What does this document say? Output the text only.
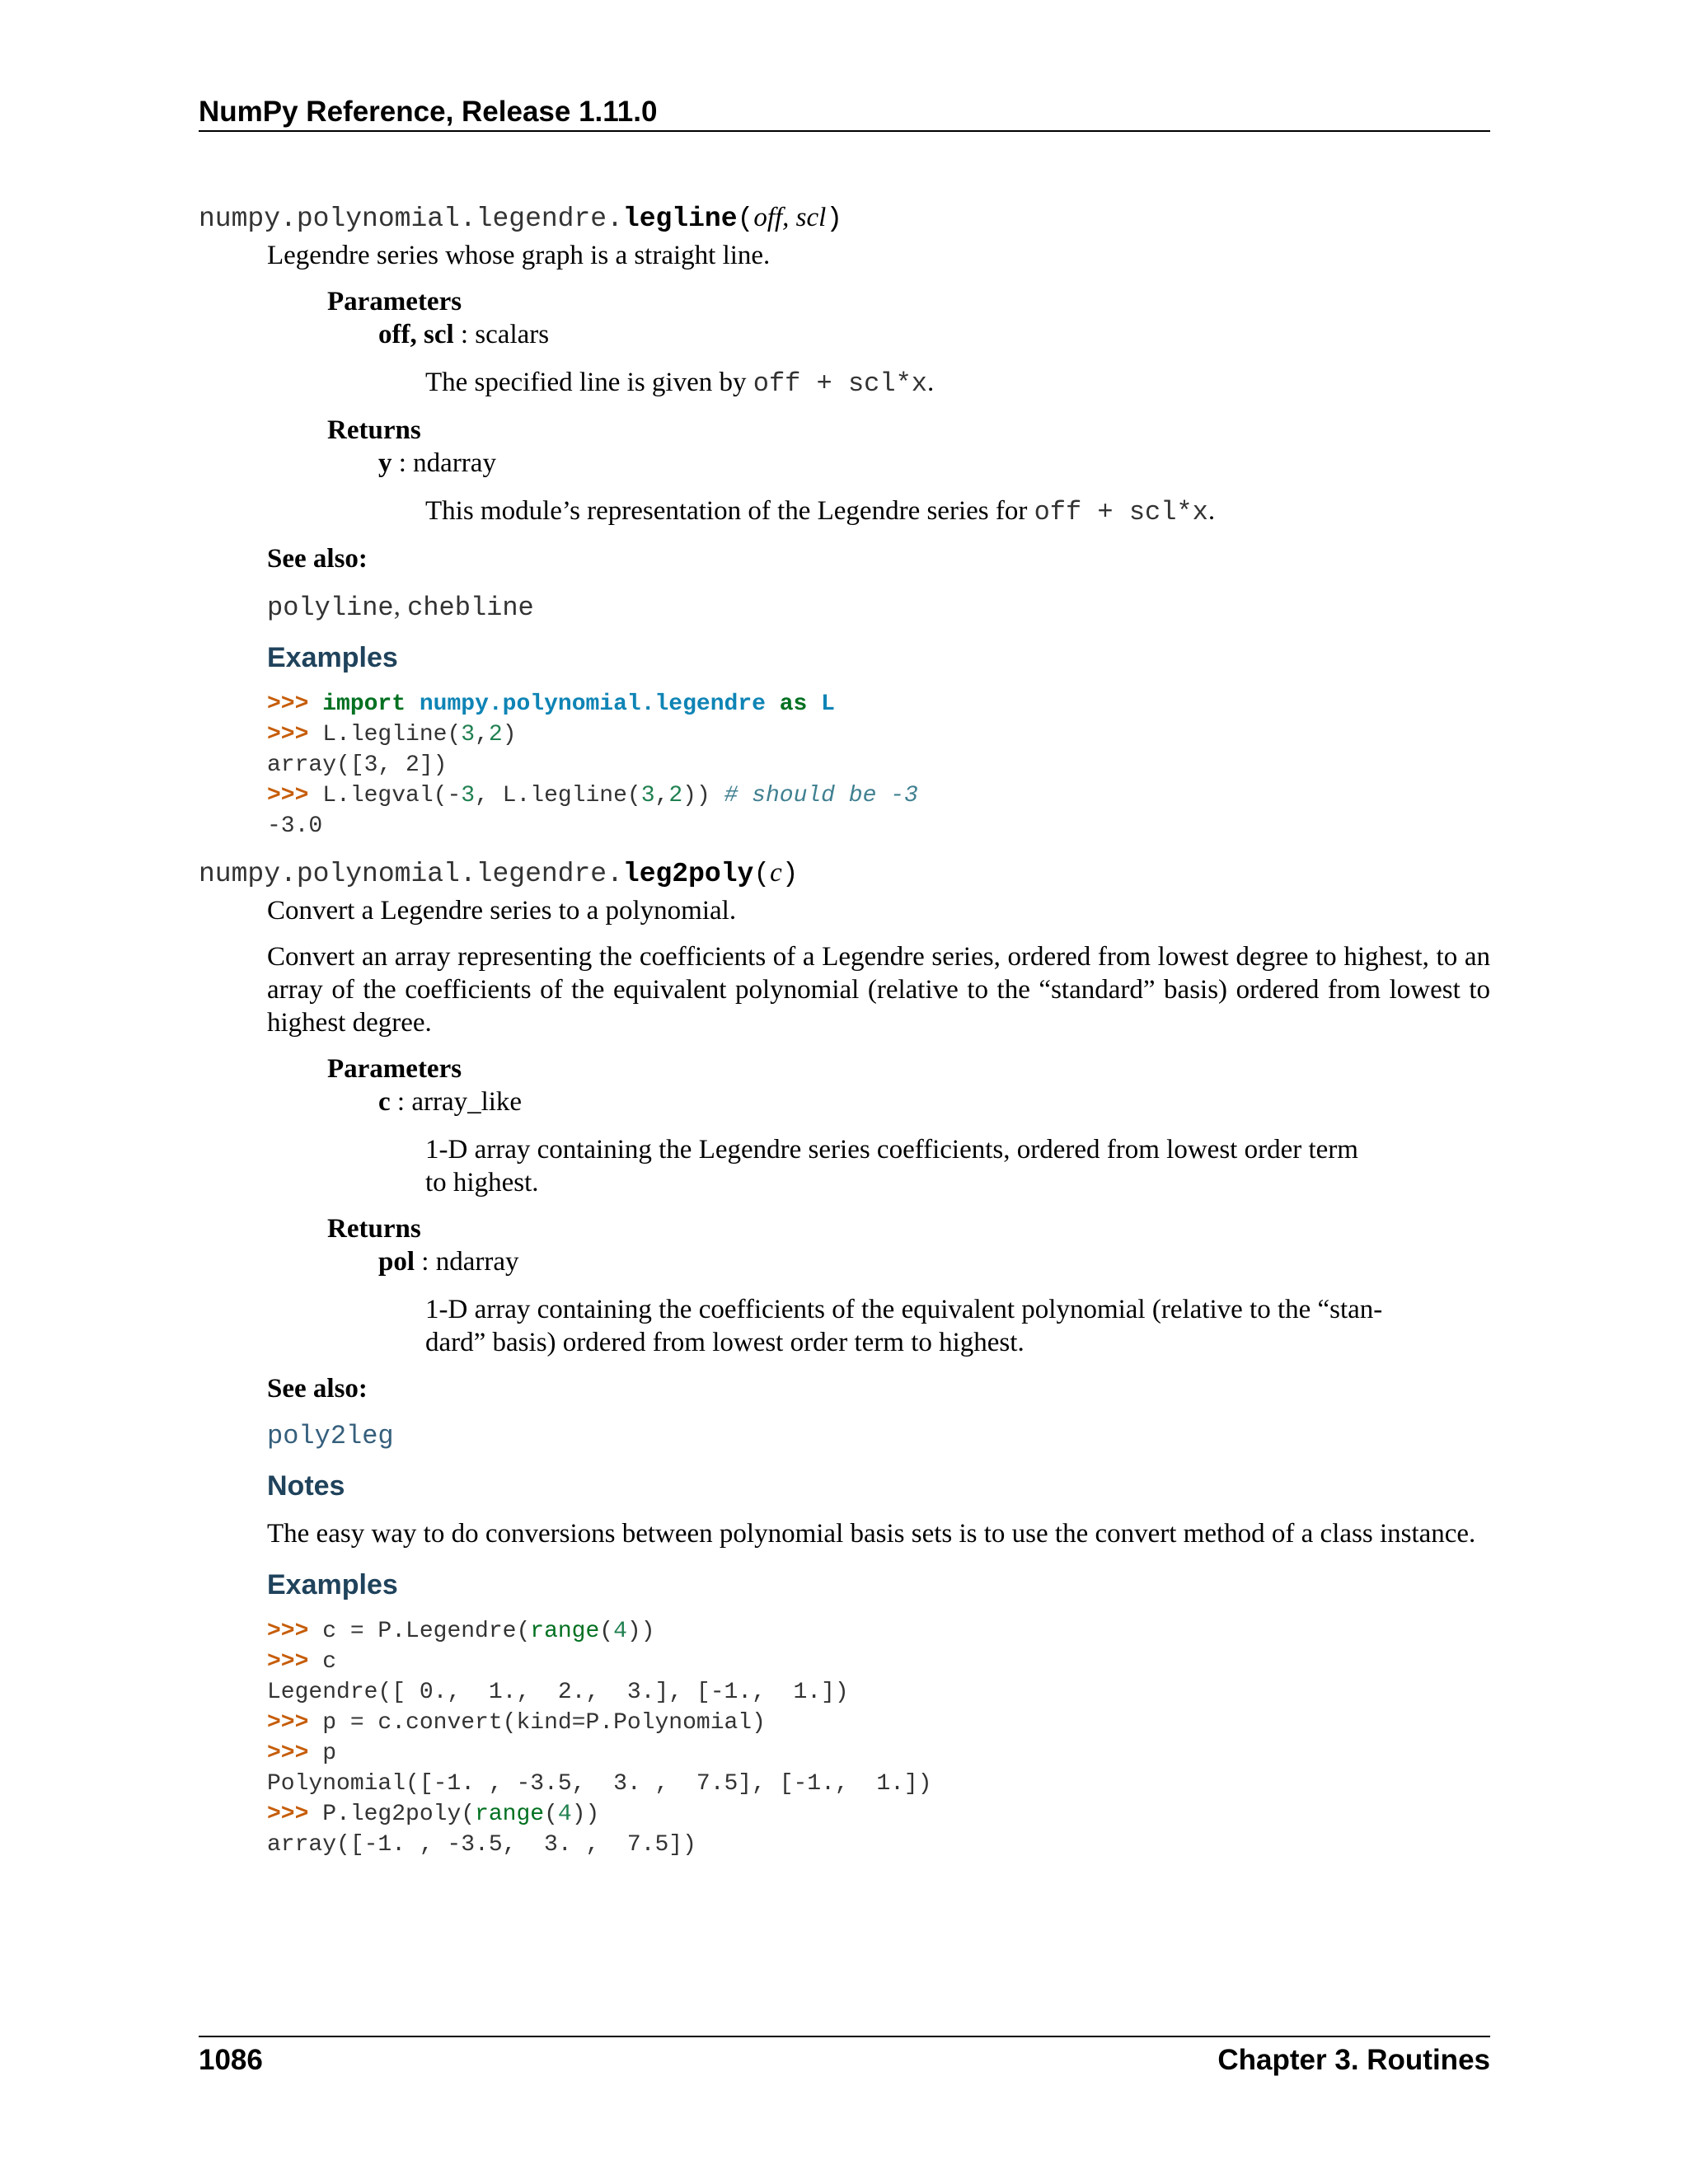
NumPy Reference, Release 1.11.0

numpy.polynomial.legendre.legline(off, scl)

Legendre series whose graph is a straight line.

Parameters

off, scl : scalars

The specified line is given by off + scl*x.

Returns

y : ndarray

This module’s representation of the Legendre series for off + scl*x.

See also:

polyline, chebline

Examples

>>> import numpy.polynomial.legendre as L

>>> L.legline(3,2)

array([3, 2])

>>> L.legval(-3, L.legline(3,2)) # should be -3

-3.0

numpy.polynomial.legendre.leg2poly(c)

Convert a Legendre series to a polynomial.

Convert an array representing the coefficients of a Legendre series, ordered from lowest degree to highest, to an array of the coefficients of the equivalent polynomial (relative to the “standard” basis) ordered from lowest to highest degree.

Parameters

c : array_like

1-D array containing the Legendre series coefficients, ordered from lowest order term

to highest.

Returns

pol : ndarray

1-D array containing the coefficients of the equivalent polynomial (relative to the “stan-

dard” basis) ordered from lowest order term to highest.

See also:

poly2leg

Notes

The easy way to do conversions between polynomial basis sets is to use the convert method of a class instance.

Examples

>>> c = P.Legendre(range(4))

>>> c

Legendre([ 0.,  1.,  2.,  3.], [-1.,  1.])

>>> p = c.convert(kind=P.Polynomial)

>>> p

Polynomial([-1. , -3.5,  3. ,  7.5], [-1.,  1.])

>>> P.leg2poly(range(4))

array([-1. , -3.5,  3. ,  7.5])

1086	Chapter 3. Routines
